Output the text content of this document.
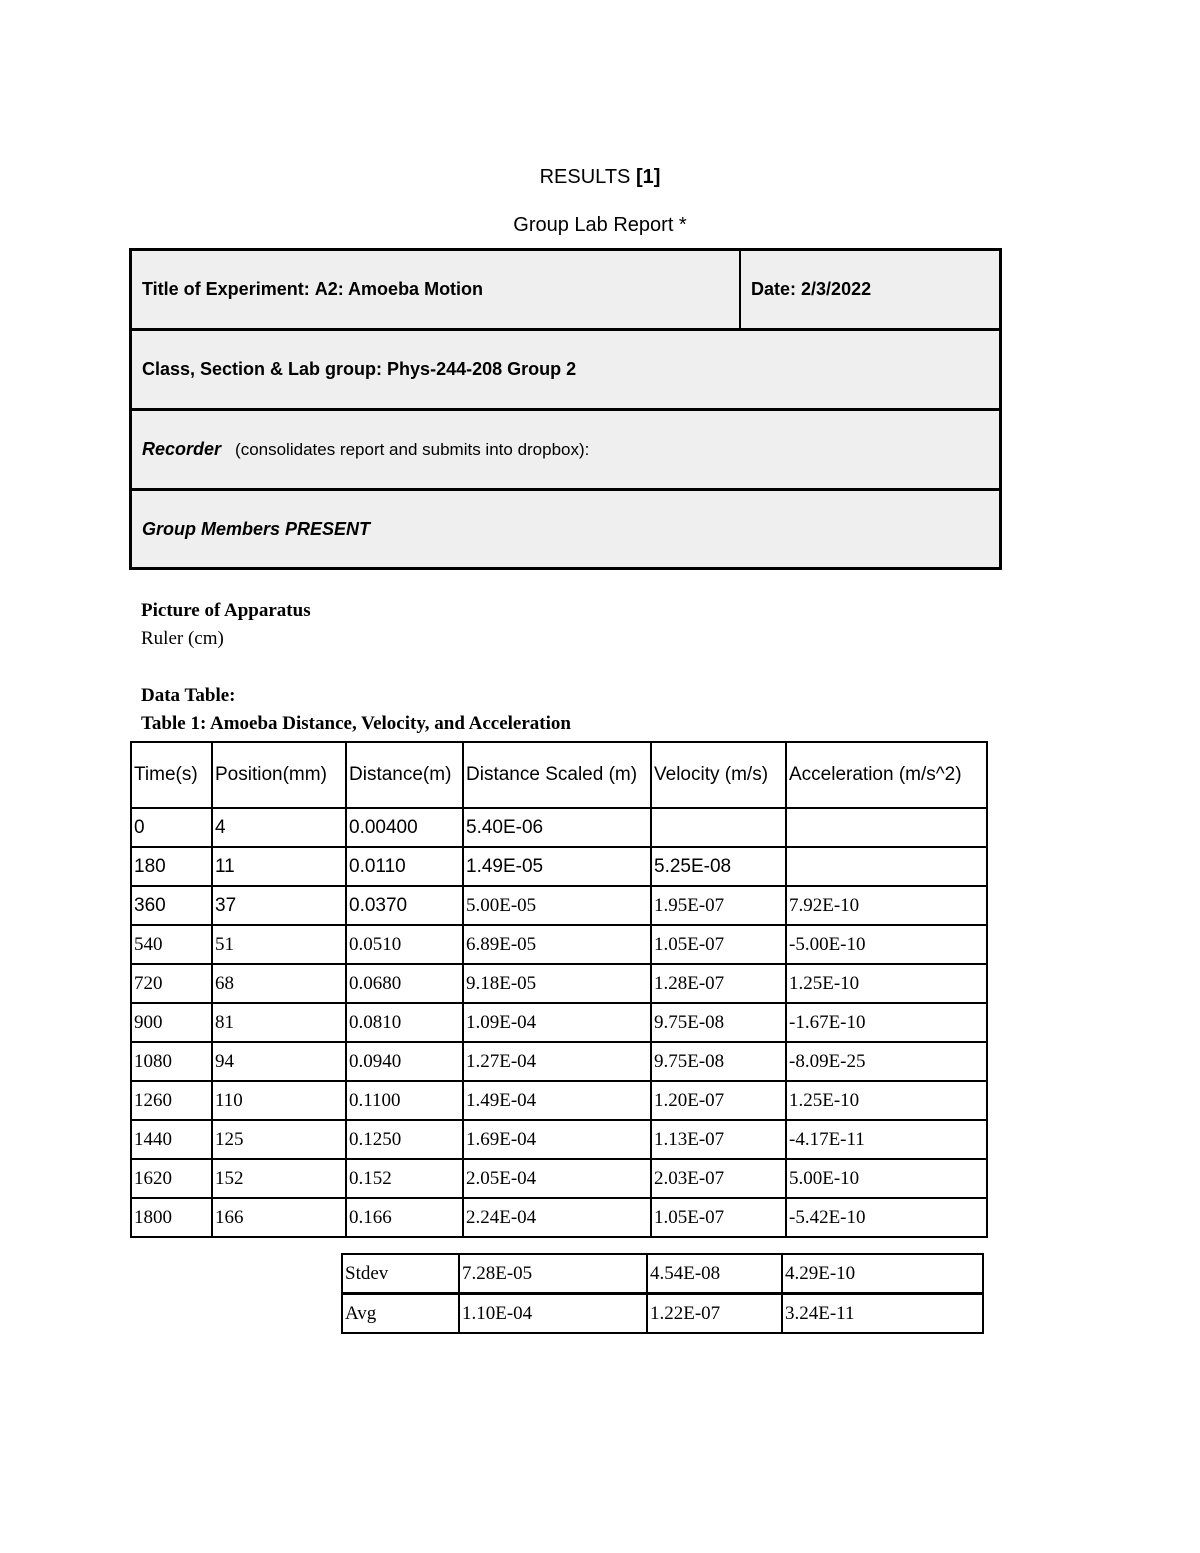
RESULTS [1]
Group Lab Report *
Title of Experiment:
A2: Amoeba Motion	Date:
2/3/2022
Class, Section & Lab group:
Phys-244-208 Group 2
Recorder (consolidates report and submits into dropbox):
Group Members PRESENT
Picture of Apparatus
Ruler (cm)
Data Table:
Table 1: Amoeba Distance, Velocity, and Acceleration
Time(s)	Position(mm)	Distance(m)	Distance Scaled (m)	Velocity (m/s)	Acceleration (m/s^2)
0	4	0.00400	5.40E-06		
180	11	0.0110	1.49E-05	5.25E-08	
360	37	0.0370	5.00E-05	1.95E-07	7.92E-10
540	51	0.0510	6.89E-05	1.05E-07	-5.00E-10
720	68	0.0680	9.18E-05	1.28E-07	1.25E-10
900	81	0.0810	1.09E-04	9.75E-08	-1.67E-10
1080	94	0.0940	1.27E-04	9.75E-08	-8.09E-25
1260	110	0.1100	1.49E-04	1.20E-07	1.25E-10
1440	125	0.1250	1.69E-04	1.13E-07	-4.17E-11
1620	152	0.152	2.05E-04	2.03E-07	5.00E-10
1800	166	0.166	2.24E-04	1.05E-07	-5.42E-10
Stdev	7.28E-05	4.54E-08	4.29E-10
Avg	1.10E-04	1.22E-07	3.24E-11
